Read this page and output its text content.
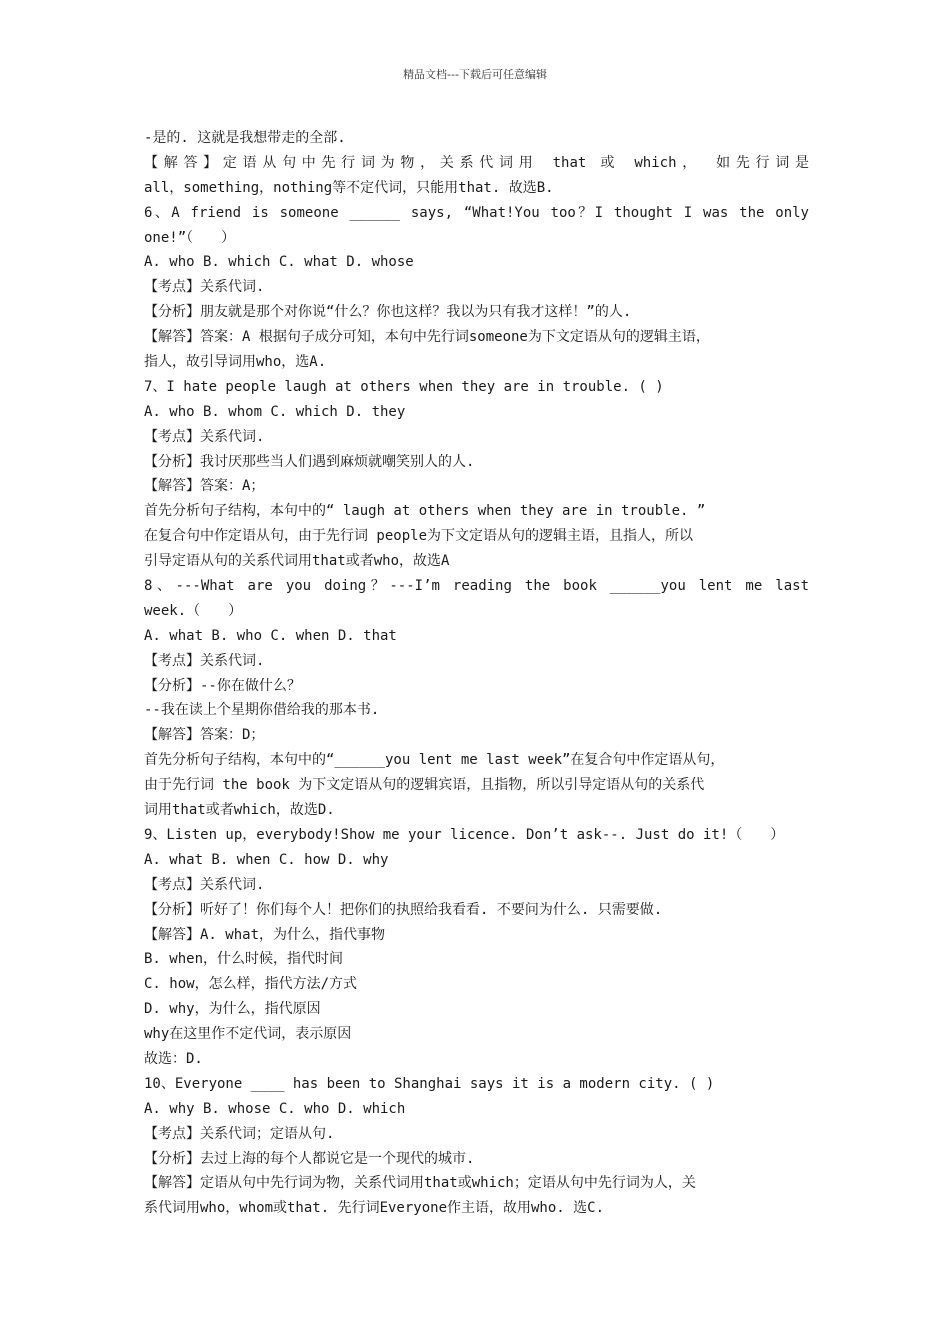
精品文档---下载后可任意编辑
-是的. 这就是我想带走的全部.
【解答】定语从句中先行词为物，关系代词用 that 或 which， 如先行词是
all，something，nothing等不定代词，只能用that. 故选B.
6、A friend is someone ______ says, “What!You too？I thought I was the only
one!”（　　）
A. who B. which C. what D. whose
【考点】关系代词.
【分析】朋友就是那个对你说“什么？你也这样？我以为只有我才这样！”的人.
【解答】答案：A 根据句子成分可知，本句中先行词someone为下文定语从句的逻辑主语，
指人，故引导词用who，选A.
7、I hate people laugh at others when they are in trouble. ( )
A. who B. whom C. which D. they
【考点】关系代词.
【分析】我讨厌那些当人们遇到麻烦就嘲笑别人的人.
【解答】答案：A；
首先分析句子结构，本句中的“ laugh at others when they are in trouble. ”
在复合句中作定语从句，由于先行词 people为下文定语从句的逻辑主语，且指人，所以
引导定语从句的关系代词用that或者who，故选A
8、---What are you doing？---I’m reading the book ______you lent me last
week.（　　）
A. what B. who C. when D. that
【考点】关系代词.
【分析】--你在做什么？
--我在读上个星期你借给我的那本书.
【解答】答案：D；
首先分析句子结构，本句中的“______you lent me last week”在复合句中作定语从句，
由于先行词 the book 为下文定语从句的逻辑宾语，且指物，所以引导定语从句的关系代
词用that或者which，故选D.
9、Listen up，everybody!Show me your licence. Don’t ask--. Just do it!（　　）
A. what B. when C. how D. why
【考点】关系代词.
【分析】听好了！你们每个人！把你们的执照给我看看. 不要问为什么. 只需要做.
【解答】A. what，为什么，指代事物
B. when，什么时候，指代时间
C. how，怎么样，指代方法/方式
D. why，为什么，指代原因
why在这里作不定代词，表示原因
故选：D.
10、Everyone ____ has been to Shanghai says it is a modern city. ( )
A. why B. whose C. who D. which
【考点】关系代词；定语从句.
【分析】去过上海的每个人都说它是一个现代的城市.
【解答】定语从句中先行词为物，关系代词用that或which；定语从句中先行词为人，关
系代词用who，whom或that. 先行词Everyone作主语，故用who. 选C.
